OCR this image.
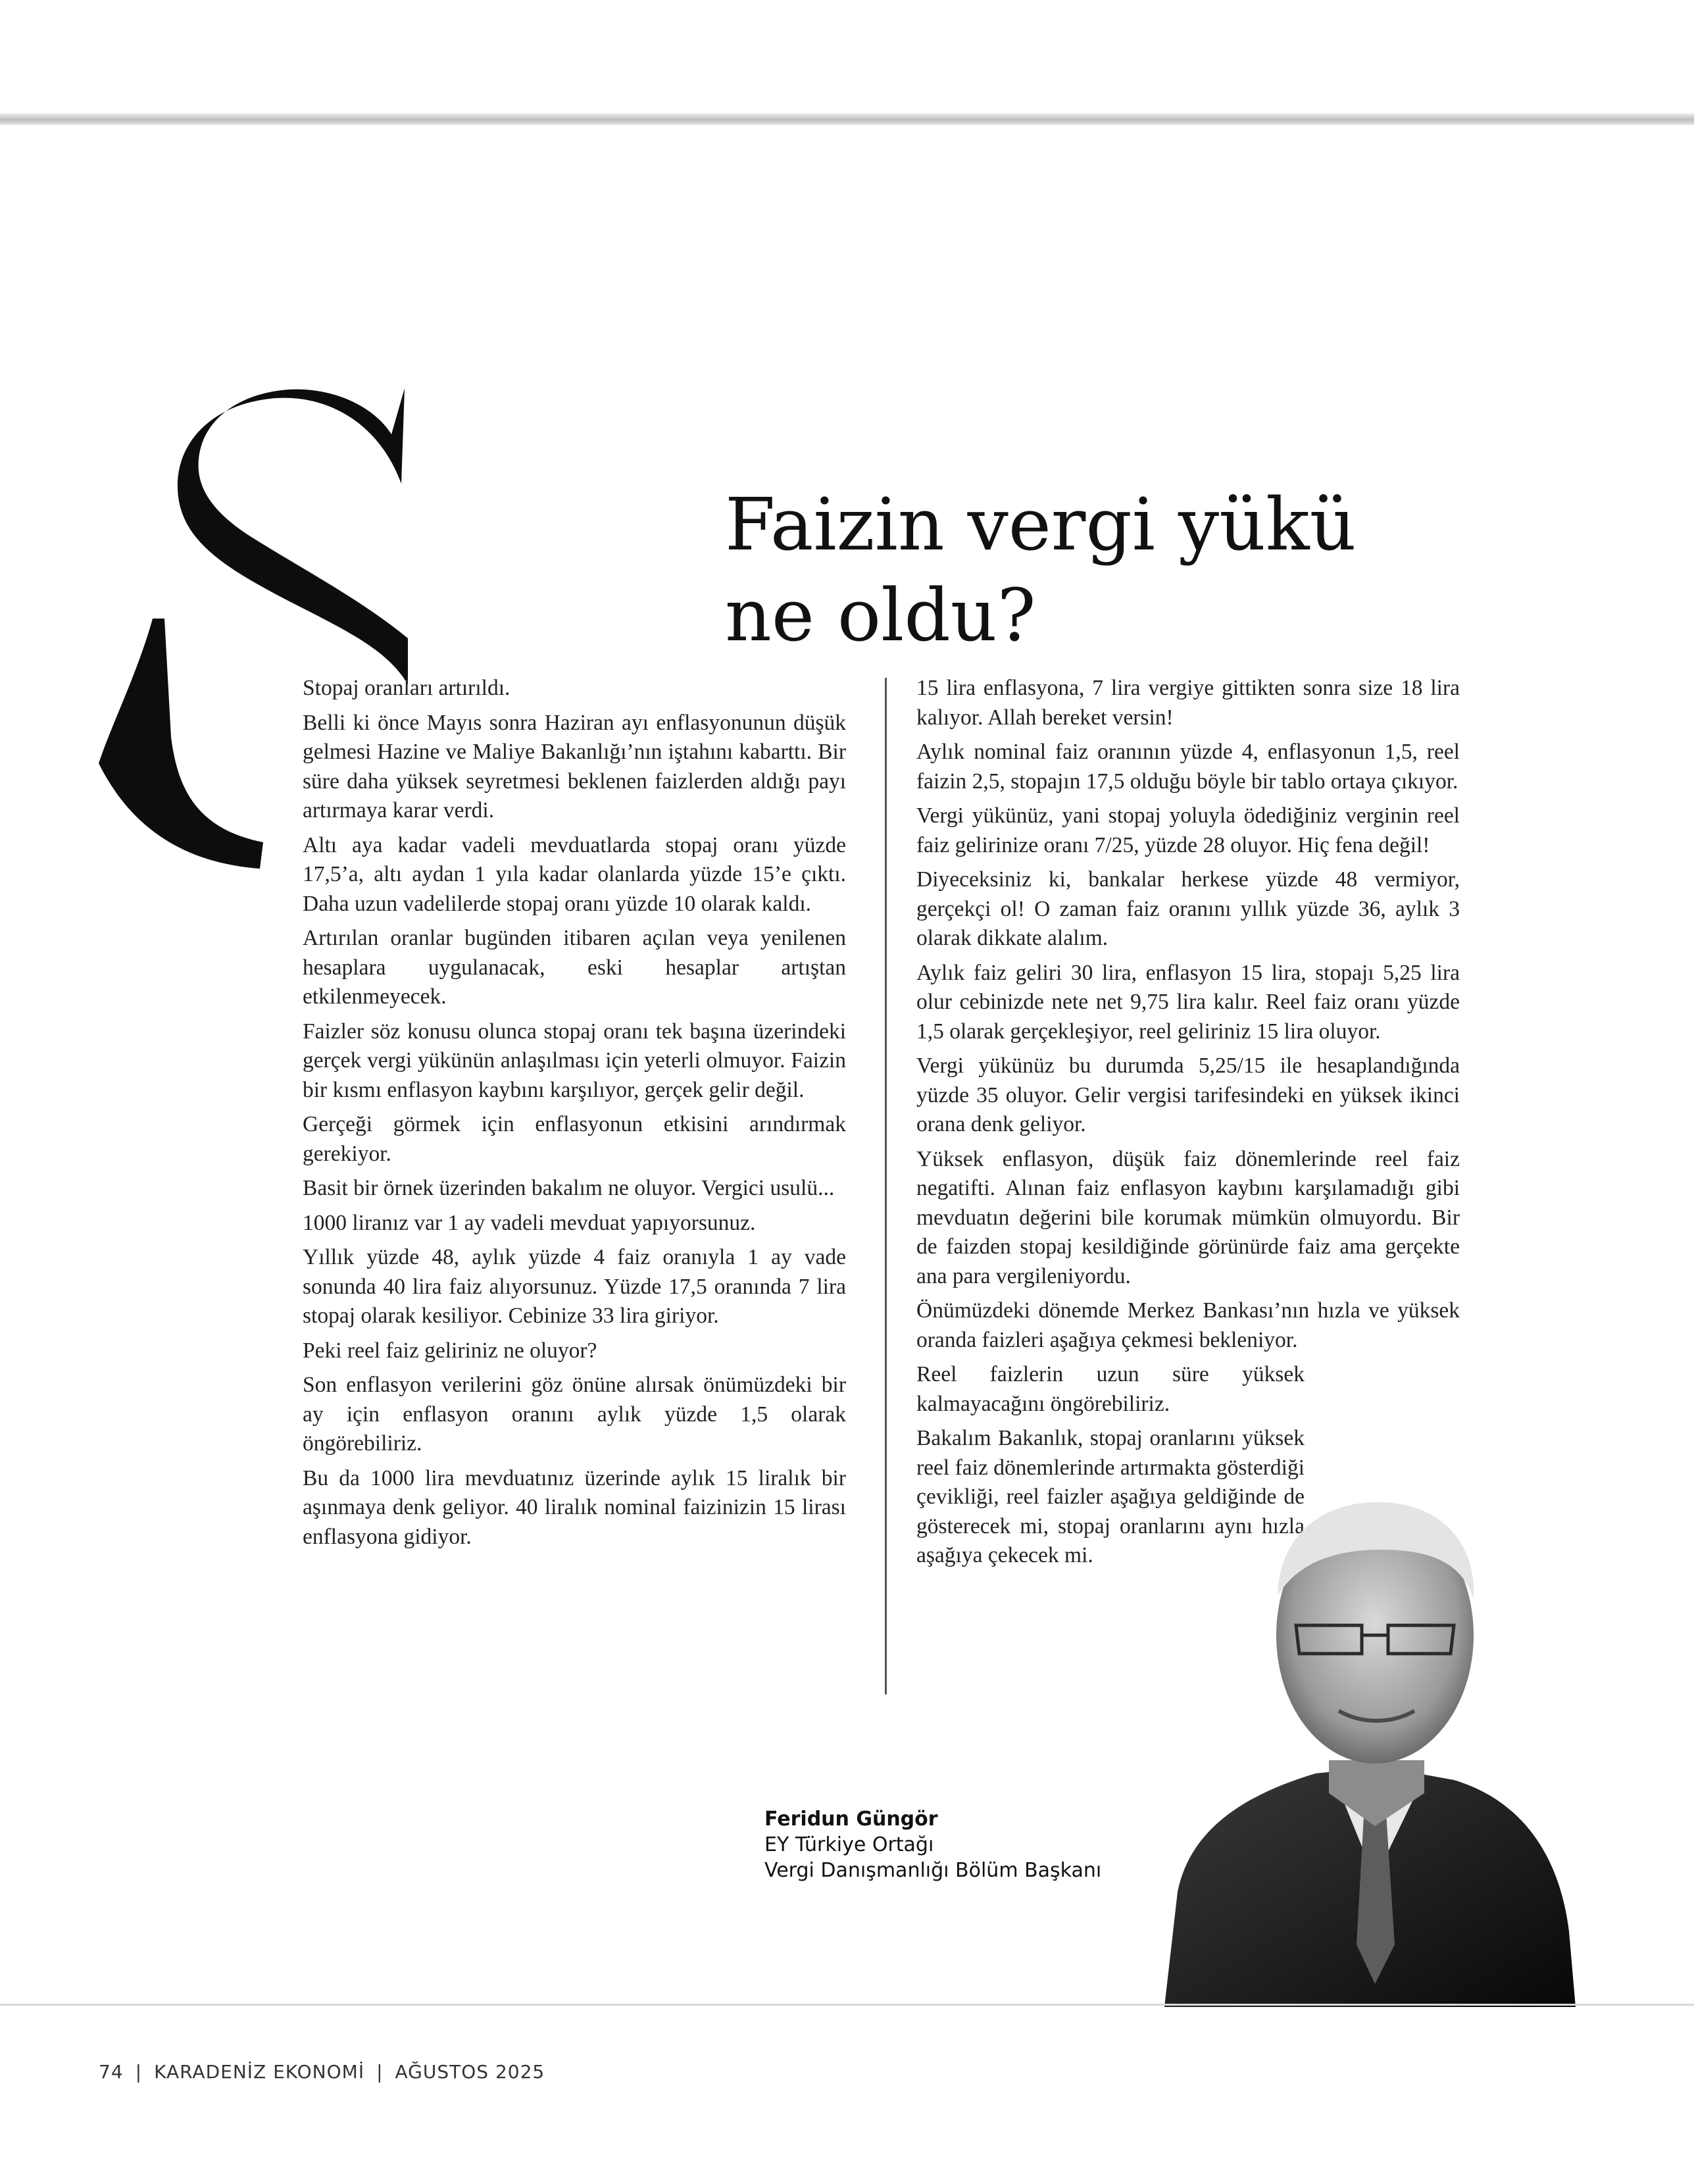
Faizin vergi yükü
ne oldu?

Stopaj oranları artırıldı.

Belli ki önce Mayıs sonra Haziran ayı enflasyonunun düşük gelmesi Hazine ve Maliye Bakanlığı’nın iştahını kabarttı. Bir süre daha yüksek seyretmesi beklenen faizlerden aldığı payı artırmaya karar verdi.

Altı aya kadar vadeli mevduatlarda stopaj oranı yüzde 17,5’a, altı aydan 1 yıla kadar olanlarda yüzde 15’e çıktı. Daha uzun vadelilerde stopaj oranı yüzde 10 olarak kaldı.

Artırılan oranlar bugünden itibaren açılan veya yenilenen hesaplara uygulanacak, eski hesaplar artıştan etkilenmeyecek.

Faizler söz konusu olunca stopaj oranı tek başına üzerindeki gerçek vergi yükünün anlaşılması için yeterli olmuyor. Faizin bir kısmı enflasyon kaybını karşılıyor, gerçek gelir değil.

Gerçeği görmek için enflasyonun etkisini arındırmak gerekiyor.

Basit bir örnek üzerinden bakalım ne oluyor. Vergici usulü...

1000 liranız var 1 ay vadeli mevduat yapıyorsunuz.

Yıllık yüzde 48, aylık yüzde 4 faiz oranıyla 1 ay vade sonunda 40 lira faiz alıyorsunuz. Yüzde 17,5 oranında 7 lira stopaj olarak kesiliyor. Cebinize 33 lira giriyor.

Peki reel faiz geliriniz ne oluyor?

Son enflasyon verilerini göz önüne alırsak önümüzdeki bir ay için enflasyon oranını aylık yüzde 1,5 olarak öngörebiliriz.

Bu da 1000 lira mevduatınız üzerinde aylık 15 liralık bir aşınmaya denk geliyor. 40 liralık nominal faizinizin 15 lirası enflasyona gidiyor.

15 lira enflasyona, 7 lira vergiye gittikten sonra size 18 lira kalıyor. Allah bereket versin!

Aylık nominal faiz oranının yüzde 4, enflasyonun 1,5, reel faizin 2,5, stopajın 17,5 olduğu böyle bir tablo ortaya çıkıyor.

Vergi yükünüz, yani stopaj yoluyla ödediğiniz verginin reel faiz gelirinize oranı 7/25, yüzde 28 oluyor. Hiç fena değil!

Diyeceksiniz ki, bankalar herkese yüzde 48 vermiyor, gerçekçi ol! O zaman faiz oranını yıllık yüzde 36, aylık 3 olarak dikkate alalım.

Aylık faiz geliri 30 lira, enflasyon 15 lira, stopajı 5,25 lira olur cebinizde nete net 9,75 lira kalır. Reel faiz oranı yüzde 1,5 olarak gerçekleşiyor, reel geliriniz 15 lira oluyor.

Vergi yükünüz bu durumda 5,25/15 ile hesaplandığında yüzde 35 oluyor. Gelir vergisi tarifesindeki en yüksek ikinci orana denk geliyor.

Yüksek enflasyon, düşük faiz dönemlerinde reel faiz negatifti. Alınan faiz enflasyon kaybını karşılamadığı gibi mevduatın değerini bile korumak mümkün olmuyordu. Bir de faizden stopaj kesildiğinde görünürde faiz ama gerçekte ana para vergileniyordu.

Önümüzdeki dönemde Merkez Bankası’nın hızla ve yüksek oranda faizleri aşağıya çekmesi bekleniyor.

Reel faizlerin uzun süre yüksek kalmayacağını öngörebiliriz.

Bakalım Bakanlık, stopaj oranlarını yüksek reel faiz dönemlerinde artırmakta gösterdiği çevikliği, reel faizler aşağıya geldiğinde de gösterecek mi, stopaj oranlarını aynı hızla aşağıya çekecek mi.

Feridun Güngör
EY Türkiye Ortağı
Vergi Danışmanlığı Bölüm Başkanı
74 | KARADENİZ EKONOMİ | AĞUSTOS 2025
